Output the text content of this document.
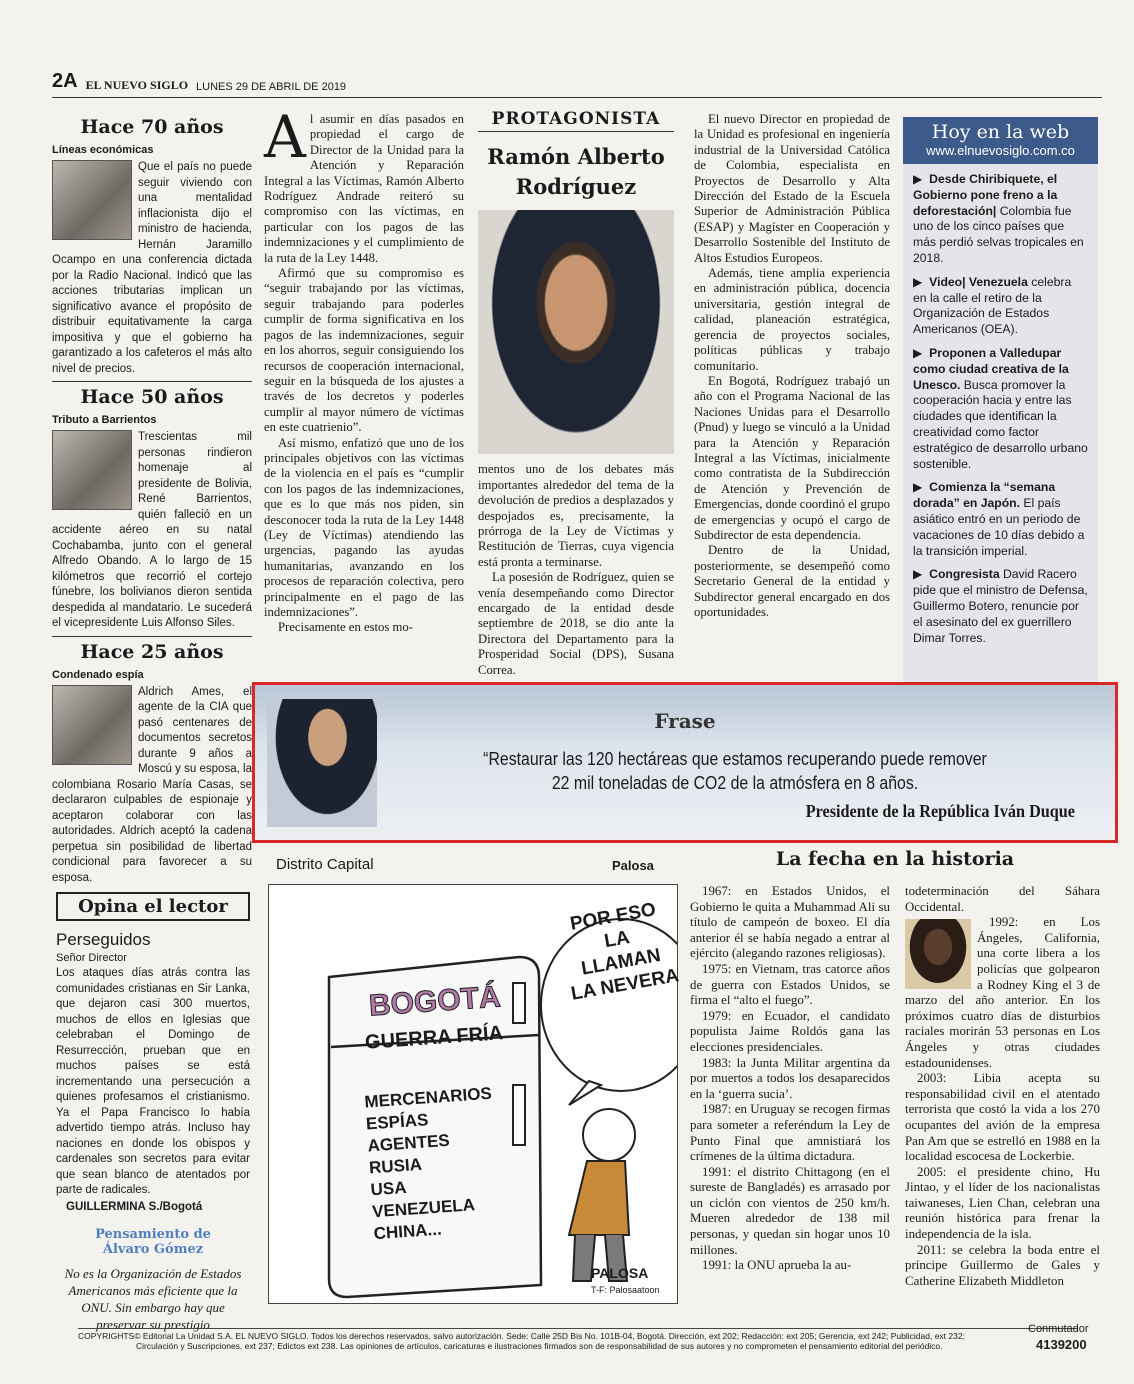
2A EL NUEVO SIGLO LUNES 29 DE ABRIL DE 2019
Hace 70 años
Líneas económicas
Que el país no puede seguir viviendo con una mentalidad inflacionista dijo el ministro de hacienda, Hernán Jaramillo Ocampo en una conferencia dictada por la Radio Nacional. Indicó que las acciones tributarias implican un significativo avance el propósito de distribuir equitativamente la carga impositiva y que el gobierno ha garantizado a los cafeteros el más alto nivel de precios.
Hace 50 años
Tributo a Barrientos
Trescientas mil personas rindieron homenaje al presidente de Bolivia, René Barrientos, quién falleció en un accidente aéreo en su natal Cochabamba, junto con el general Alfredo Obando. A lo largo de 15 kilómetros que recorrió el cortejo fúnebre, los bolivianos dieron sentida despedida al mandatario. Le sucederá el vicepresidente Luis Alfonso Siles.
Hace 25 años
Condenado espía
Aldrich Ames, el agente de la CIA que pasó centenares de documentos secretos durante 9 años a Moscú y su esposa, la colombiana Rosario María Casas, se declararon culpables de espionaje y aceptaron colaborar con las autoridades. Aldrich aceptó la cadena perpetua sin posibilidad de libertad condicional para favorecer a su esposa.

Al asumir en días pasados en propiedad el cargo de Director de la Unidad para la Atención y Reparación Integral a las Víctimas, Ramón Alberto Rodríguez Andrade reiteró su compromiso con las víctimas, en particular con los pagos de las indemnizaciones y el cumplimiento de la ruta de la Ley 1448.

Afirmó que su compromiso es “seguir trabajando por las víctimas, seguir trabajando para poderles cumplir de forma significativa en los pagos de las indemnizaciones, seguir en los ahorros, seguir consiguiendo los recursos de cooperación internacional, seguir en la búsqueda de los ajustes a través de los decretos y poderles cumplir al mayor número de víctimas en este cuatrienio”.

Así mismo, enfatizó que uno de los principales objetivos con las víctimas de la violencia en el país es “cumplir con los pagos de las indemnizaciones, que es lo que más nos piden, sin desconocer toda la ruta de la Ley 1448 (Ley de Víctimas) atendiendo las urgencias, pagando las ayudas humanitarias, avanzando en los procesos de reparación colectiva, pero principalmente en el pago de las indemnizaciones”.

Precisamente en estos mo-

PROTAGONISTA
Ramón Alberto Rodríguez

mentos uno de los debates más importantes alrededor del tema de la devolución de predios a desplazados y despojados es, precisamente, la prórroga de la Ley de Víctimas y Restitución de Tierras, cuya vigencia está pronta a terminarse.

La posesión de Rodríguez, quien se venía desempeñando como Director encargado de la entidad desde septiembre de 2018, se dio ante la Directora del Departamento para la Prosperidad Social (DPS), Susana Correa.

El nuevo Director en propiedad de la Unidad es profesional en ingeniería industrial de la Universidad Católica de Colombia, especialista en Proyectos de Desarrollo y Alta Dirección del Estado de la Escuela Superior de Administración Pública (ESAP) y Magíster en Cooperación y Desarrollo Sostenible del Instituto de Altos Estudios Europeos.

Además, tiene amplia experiencia en administración pública, docencia universitaria, gestión integral de calidad, planeación estratégica, gerencia de proyectos sociales, políticas públicas y trabajo comunitario.

En Bogotá, Rodríguez trabajó un año con el Programa Nacional de las Naciones Unidas para el Desarrollo (Pnud) y luego se vinculó a la Unidad para la Atención y Reparación Integral a las Víctimas, inicialmente como contratista de la Subdirección de Atención y Prevención de Emergencias, donde coordinó el grupo de emergencias y ocupó el cargo de Subdirector de esta dependencia.

Dentro de la Unidad, posteriormente, se desempeñó como Secretario General de la entidad y Subdirector general encargado en dos oportunidades.

Hoy en la web
www.elnuevosiglo.com.co
▶  Desde Chiribiquete, el Gobierno pone freno a la deforestación| Colombia fue uno de los cinco países que más perdió selvas tropicales en 2018.
▶  Video| Venezuela celebra en la calle el retiro de la Organización de Estados Americanos (OEA).
▶  Proponen a Valledupar como ciudad creativa de la Unesco. Busca promover la cooperación hacia y entre las ciudades que identifican la creatividad como factor estratégico de desarrollo urbano sostenible.
▶  Comienza la “semana dorada” en Japón. El país asiático entró en un periodo de vacaciones de 10 días debido a la transición imperial.
▶  Congresista David Racero pide que el ministro de Defensa, Guillermo Botero, renuncie por el asesinato del ex guerrillero Dimar Torres.
Frase
“Restaurar las 120 hectáreas que estamos recuperando puede remover
22 mil toneladas de CO2 de la atmósfera en 8 años.
Presidente de la República Iván Duque
Distrito Capital	Palosa
POR ESO LA LLAMAN LA NEVERA
BOGOTÁ
GUERRA FRÍA
MERCENARIOS
ESPÍAS
AGENTES
RUSIA
USA
VENEZUELA
CHINA...
PALOSA
T-F: Palosaatoon
Opina el lector
Perseguidos
Señor Director
Los ataques días atrás contra las comunidades cristianas en Sir Lanka, que dejaron casi 300 muertos, muchos de ellos en Iglesias que celebraban el Domingo de Resurrección, prueban que en muchos países se está incrementando una persecución a quienes profesamos el cristianismo. Ya el Papa Francisco lo había advertido tiempo atrás. Incluso hay naciones en donde los obispos y cardenales son secretos para evitar que sean blanco de atentados por parte de radicales.
GUILLERMINA S./Bogotá
Pensamiento de Álvaro Gómez
No es la Organización de Estados Americanos más eficiente que la ONU. Sin embargo hay que preservar su prestigio
La fecha en la historia

1967: en Estados Unidos, el Gobierno le quita a Muhammad Ali su título de campeón de boxeo. El día anterior él se había negado a entrar al ejército (alegando razones religiosas).

1975: en Vietnam, tras catorce años de guerra con Estados Unidos, se firma el “alto el fuego”.

1979: en Ecuador, el candidato populista Jaime Roldós gana las elecciones presidenciales.

1983: la Junta Militar argentina da por muertos a todos los desaparecidos en la ‘guerra sucia’.

1987: en Uruguay se recogen firmas para someter a referéndum la Ley de Punto Final que amnistiará los crímenes de la última dictadura.

1991: el distrito Chittagong (en el sureste de Bangladés) es arrasado por un ciclón con vientos de 250 km/h. Mueren alrededor de 138 mil personas, y quedan sin hogar unos 10 millones.

1991: la ONU aprueba la au-

todeterminación del Sáhara Occidental.

1992: en Los Ángeles, California, una corte libera a los policías que golpearon a Rodney King el 3 de marzo del año anterior. En los próximos cuatro días de disturbios raciales morirán 53 personas en Los Ángeles y otras ciudades estadounidenses.

2003: Libia acepta su responsabilidad civil en el atentado terrorista que costó la vida a los 270 ocupantes del avión de la empresa Pan Am que se estrelló en 1988 en la localidad escocesa de Lockerbie.

2005: el presidente chino, Hu Jintao, y el líder de los nacionalistas taiwaneses, Lien Chan, celebran una reunión histórica para frenar la independencia de la isla.

2011: se celebra la boda entre el príncipe Guillermo de Gales y Catherine Elizabeth Middleton

COPYRIGHTS© Editorial La Unidad S.A. EL NUEVO SIGLO. Todos los derechos reservados, salvo autorización. Sede: Calle 25D Bis No. 101B-04, Bogotá. Dirección, ext 202; Redacción: ext 205; Gerencia, ext 242; Publicidad, ext 232;
Circulación y Suscripciones, ext 237; Edictos ext 238. Las opiniones de artículos, caricaturas e ilustraciones firmados son de responsabilidad de sus autores y no comprometen el pensamiento editorial del periódico.
Conmutador
4139200
